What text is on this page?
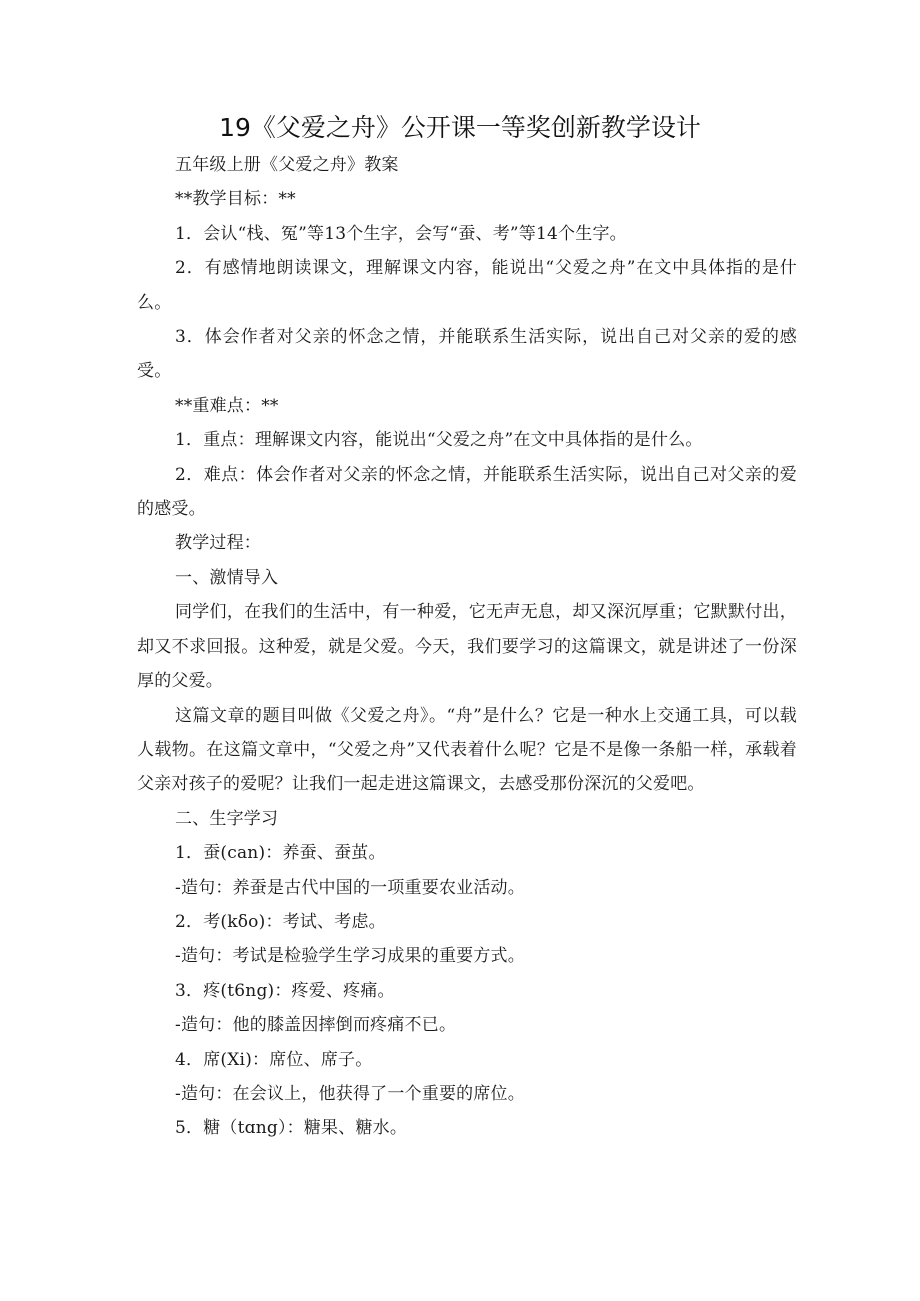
19《父爱之舟》公开课一等奖创新教学设计

五年级上册《父爱之舟》教案

**教学目标：**

1．会认“栈、冤”等13个生字，会写“蚕、考”等14个生字。

2．有感情地朗读课文，理解课文内容，能说出“父爱之舟”在文中具体指的是什么。

3．体会作者对父亲的怀念之情，并能联系生活实际，说出自己对父亲的爱的感受。

**重难点：**

1．重点：理解课文内容，能说出“父爱之舟”在文中具体指的是什么。

2．难点：体会作者对父亲的怀念之情，并能联系生活实际，说出自己对父亲的爱的感受。

教学过程：

一、激情导入

同学们，在我们的生活中，有一种爱，它无声无息，却又深沉厚重；它默默付出，却又不求回报。这种爱，就是父爱。今天，我们要学习的这篇课文，就是讲述了一份深厚的父爱。

这篇文章的题目叫做《父爱之舟》。“舟”是什么？它是一种水上交通工具，可以载人载物。在这篇文章中，“父爱之舟”又代表着什么呢？它是不是像一条船一样，承载着父亲对孩子的爱呢？让我们一起走进这篇课文，去感受那份深沉的父爱吧。

二、生字学习

1．蚕(can)：养蚕、蚕茧。

-造句：养蚕是古代中国的一项重要农业活动。

2．考(kδo)：考试、考虑。

-造句：考试是检验学生学习成果的重要方式。

3．疼(t6ng)：疼爱、疼痛。

-造句：他的膝盖因摔倒而疼痛不已。

4．席(Xi)：席位、席子。

-造句：在会议上，他获得了一个重要的席位。

5．糖（tɑng）：糖果、糖水。
